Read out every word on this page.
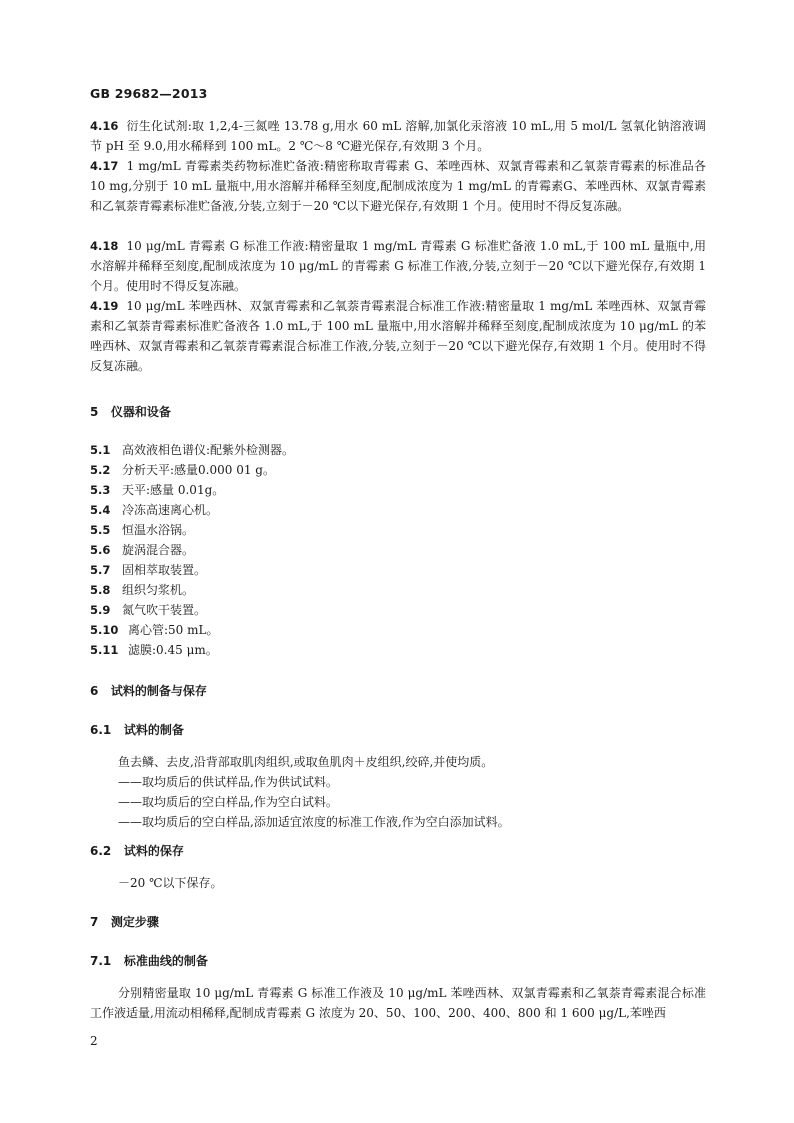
GB 29682—2013

4.16 衍生化试剂:取 1,2,4-三氮唑 13.78 g,用水 60 mL 溶解,加氯化汞溶液 10 mL,用 5 mol/L 氢氧化钠溶液调节 pH 至 9.0,用水稀释到 100 mL。2 ℃～8 ℃避光保存,有效期 3 个月。

4.17 1 mg/mL 青霉素类药物标准贮备液:精密称取青霉素 G、苯唑西林、双氯青霉素和乙氧萘青霉素的标准品各 10 mg,分别于 10 mL 量瓶中,用水溶解并稀释至刻度,配制成浓度为 1 mg/mL 的青霉素G、苯唑西林、双氯青霉素和乙氧萘青霉素标准贮备液,分装,立刻于－20 ℃以下避光保存,有效期 1 个月。使用时不得反复冻融。

4.18 10 μg/mL 青霉素 G 标准工作液:精密量取 1 mg/mL 青霉素 G 标准贮备液 1.0 mL,于 100 mL 量瓶中,用水溶解并稀释至刻度,配制成浓度为 10 μg/mL 的青霉素 G 标准工作液,分装,立刻于－20 ℃以下避光保存,有效期 1 个月。使用时不得反复冻融。

4.19 10 μg/mL 苯唑西林、双氯青霉素和乙氧萘青霉素混合标准工作液:精密量取 1 mg/mL 苯唑西林、双氯青霉素和乙氧萘青霉素标准贮备液各 1.0 mL,于 100 mL 量瓶中,用水溶解并稀释至刻度,配制成浓度为 10 μg/mL 的苯唑西林、双氯青霉素和乙氧萘青霉素混合标准工作液,分装,立刻于－20 ℃以下避光保存,有效期 1 个月。使用时不得反复冻融。

5 仪器和设备
5.1 高效液相色谱仪:配紫外检测器。
5.2 分析天平:感量0.000 01 g。
5.3 天平:感量 0.01g。
5.4 冷冻高速离心机。
5.5 恒温水浴锅。
5.6 旋涡混合器。
5.7 固相萃取装置。
5.8 组织匀浆机。
5.9 氮气吹干装置。
5.10 离心管:50 mL。
5.11 滤膜:0.45 μm。
6 试料的制备与保存
6.1 试料的制备

鱼去鳞、去皮,沿背部取肌肉组织,或取鱼肌肉＋皮组织,绞碎,并使均质。

——取均质后的供试样品,作为供试试料。

——取均质后的空白样品,作为空白试料。

——取均质后的空白样品,添加适宜浓度的标准工作液,作为空白添加试料。

6.2 试料的保存

－20 ℃以下保存。

7 测定步骤
7.1 标准曲线的制备

分别精密量取 10 μg/mL 青霉素 G 标准工作液及 10 μg/mL 苯唑西林、双氯青霉素和乙氧萘青霉素混合标准工作液适量,用流动相稀释,配制成青霉素 G 浓度为 20、50、100、200、400、800 和 1 600 μg/L,苯唑西

2
